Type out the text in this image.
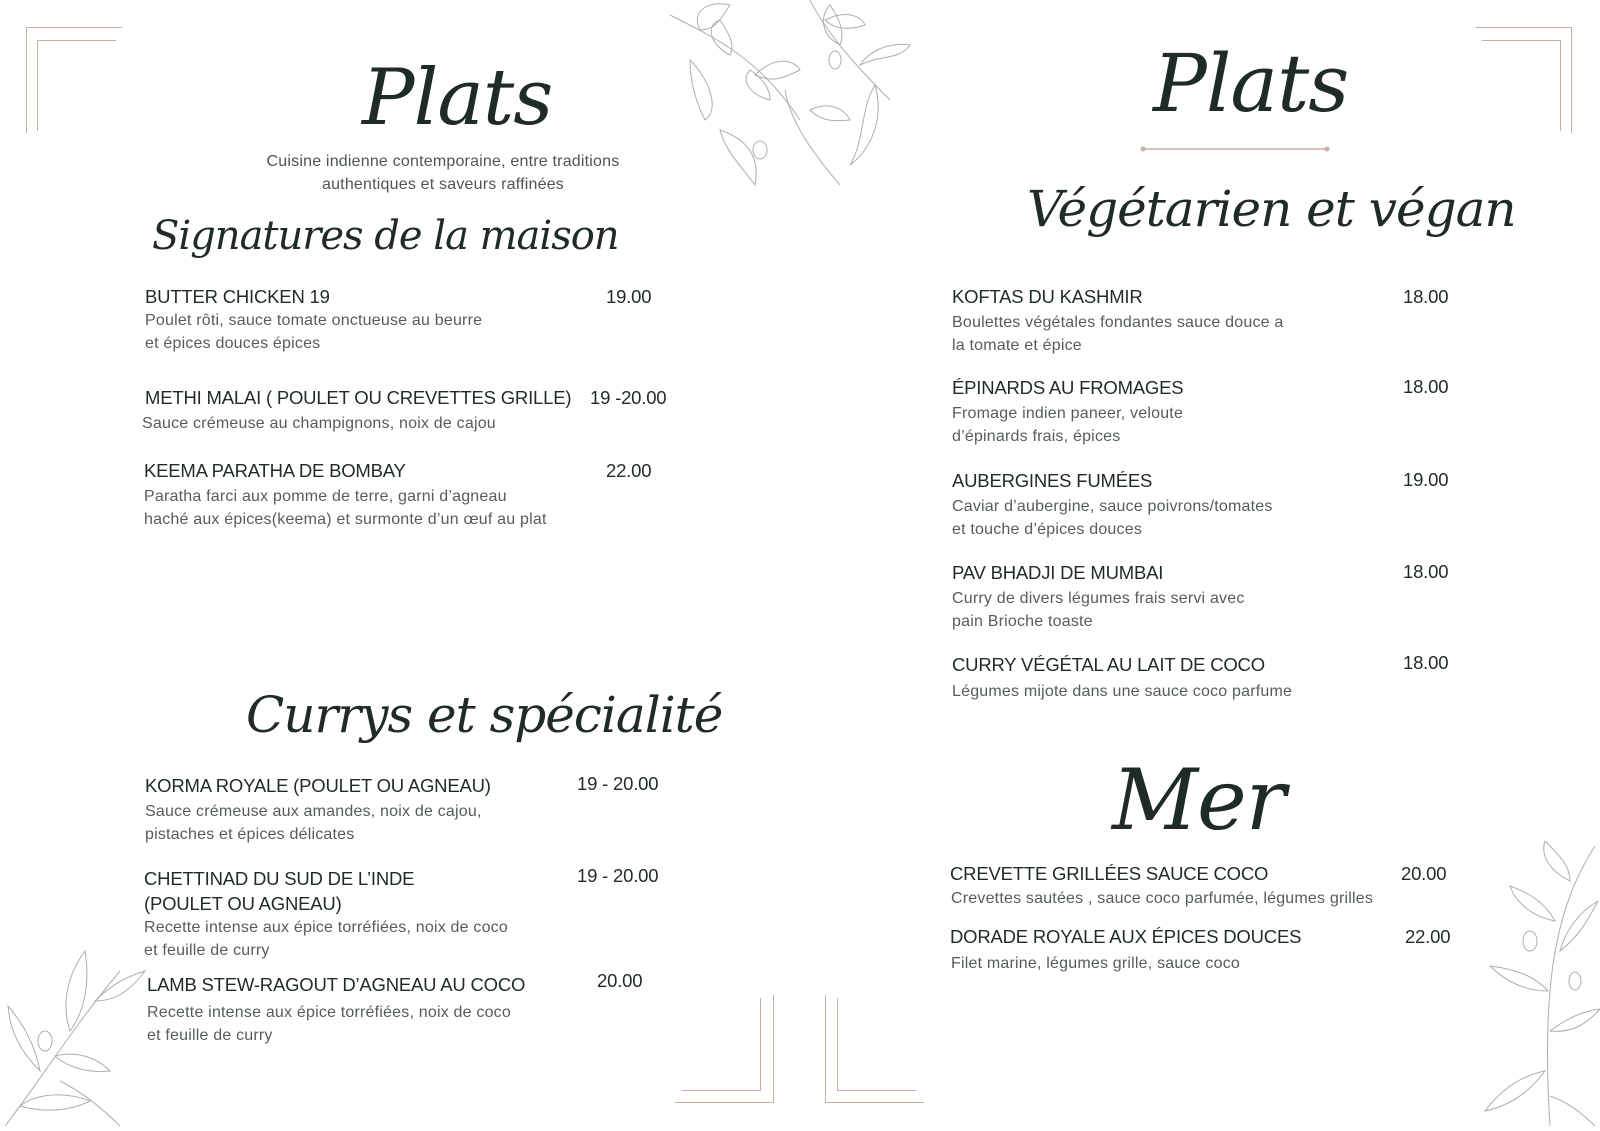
Plats
Cuisine indienne contemporaine, entre traditions
authentiques et saveurs raffinées
Signatures de la maison
BUTTER CHICKEN 19	19.00
Poulet rôti, sauce tomate onctueuse au beurre
et épices douces épices
METHI MALAI ( POULET OU CREVETTES GRILLE) 19 -20.00
Sauce crémeuse au champignons, noix de cajou
KEEMA PARATHA DE BOMBAY	22.00
Paratha farci aux pomme de terre, garni d’agneau
haché aux épices(keema) et surmonte d’un œuf au plat
Currys et spécialité
KORMA ROYALE (POULET OU AGNEAU)	19 - 20.00
Sauce crémeuse aux amandes, noix de cajou,
pistaches et épices délicates
CHETTINAD DU SUD DE L’INDE
(POULET OU AGNEAU)
19 - 20.00
Recette intense aux épice torréfiées, noix de coco
et feuille de curry
LAMB STEW-RAGOUT D’AGNEAU AU COCO	20.00
Recette intense aux épice torréfiées, noix de coco
et feuille de curry
Plats
Végétarien et végan
KOFTAS DU KASHMIR	18.00
Boulettes végétales fondantes sauce douce a
la tomate et épice
ÉPINARDS AU FROMAGES	18.00
Fromage indien paneer, veloute
d’épinards frais, épices
AUBERGINES FUMÉES	19.00
Caviar d’aubergine, sauce poivrons/tomates
et touche d’épices douces
PAV BHADJI DE MUMBAI	18.00
Curry de divers légumes frais servi avec
pain Brioche toaste
CURRY VÉGÉTAL AU LAIT DE COCO	18.00
Légumes mijote dans une sauce coco parfume
Mer
CREVETTE GRILLÉES SAUCE COCO	20.00
Crevettes sautées , sauce coco parfumée, légumes grilles
DORADE ROYALE AUX ÉPICES DOUCES	22.00
Filet marine, légumes grille, sauce coco
